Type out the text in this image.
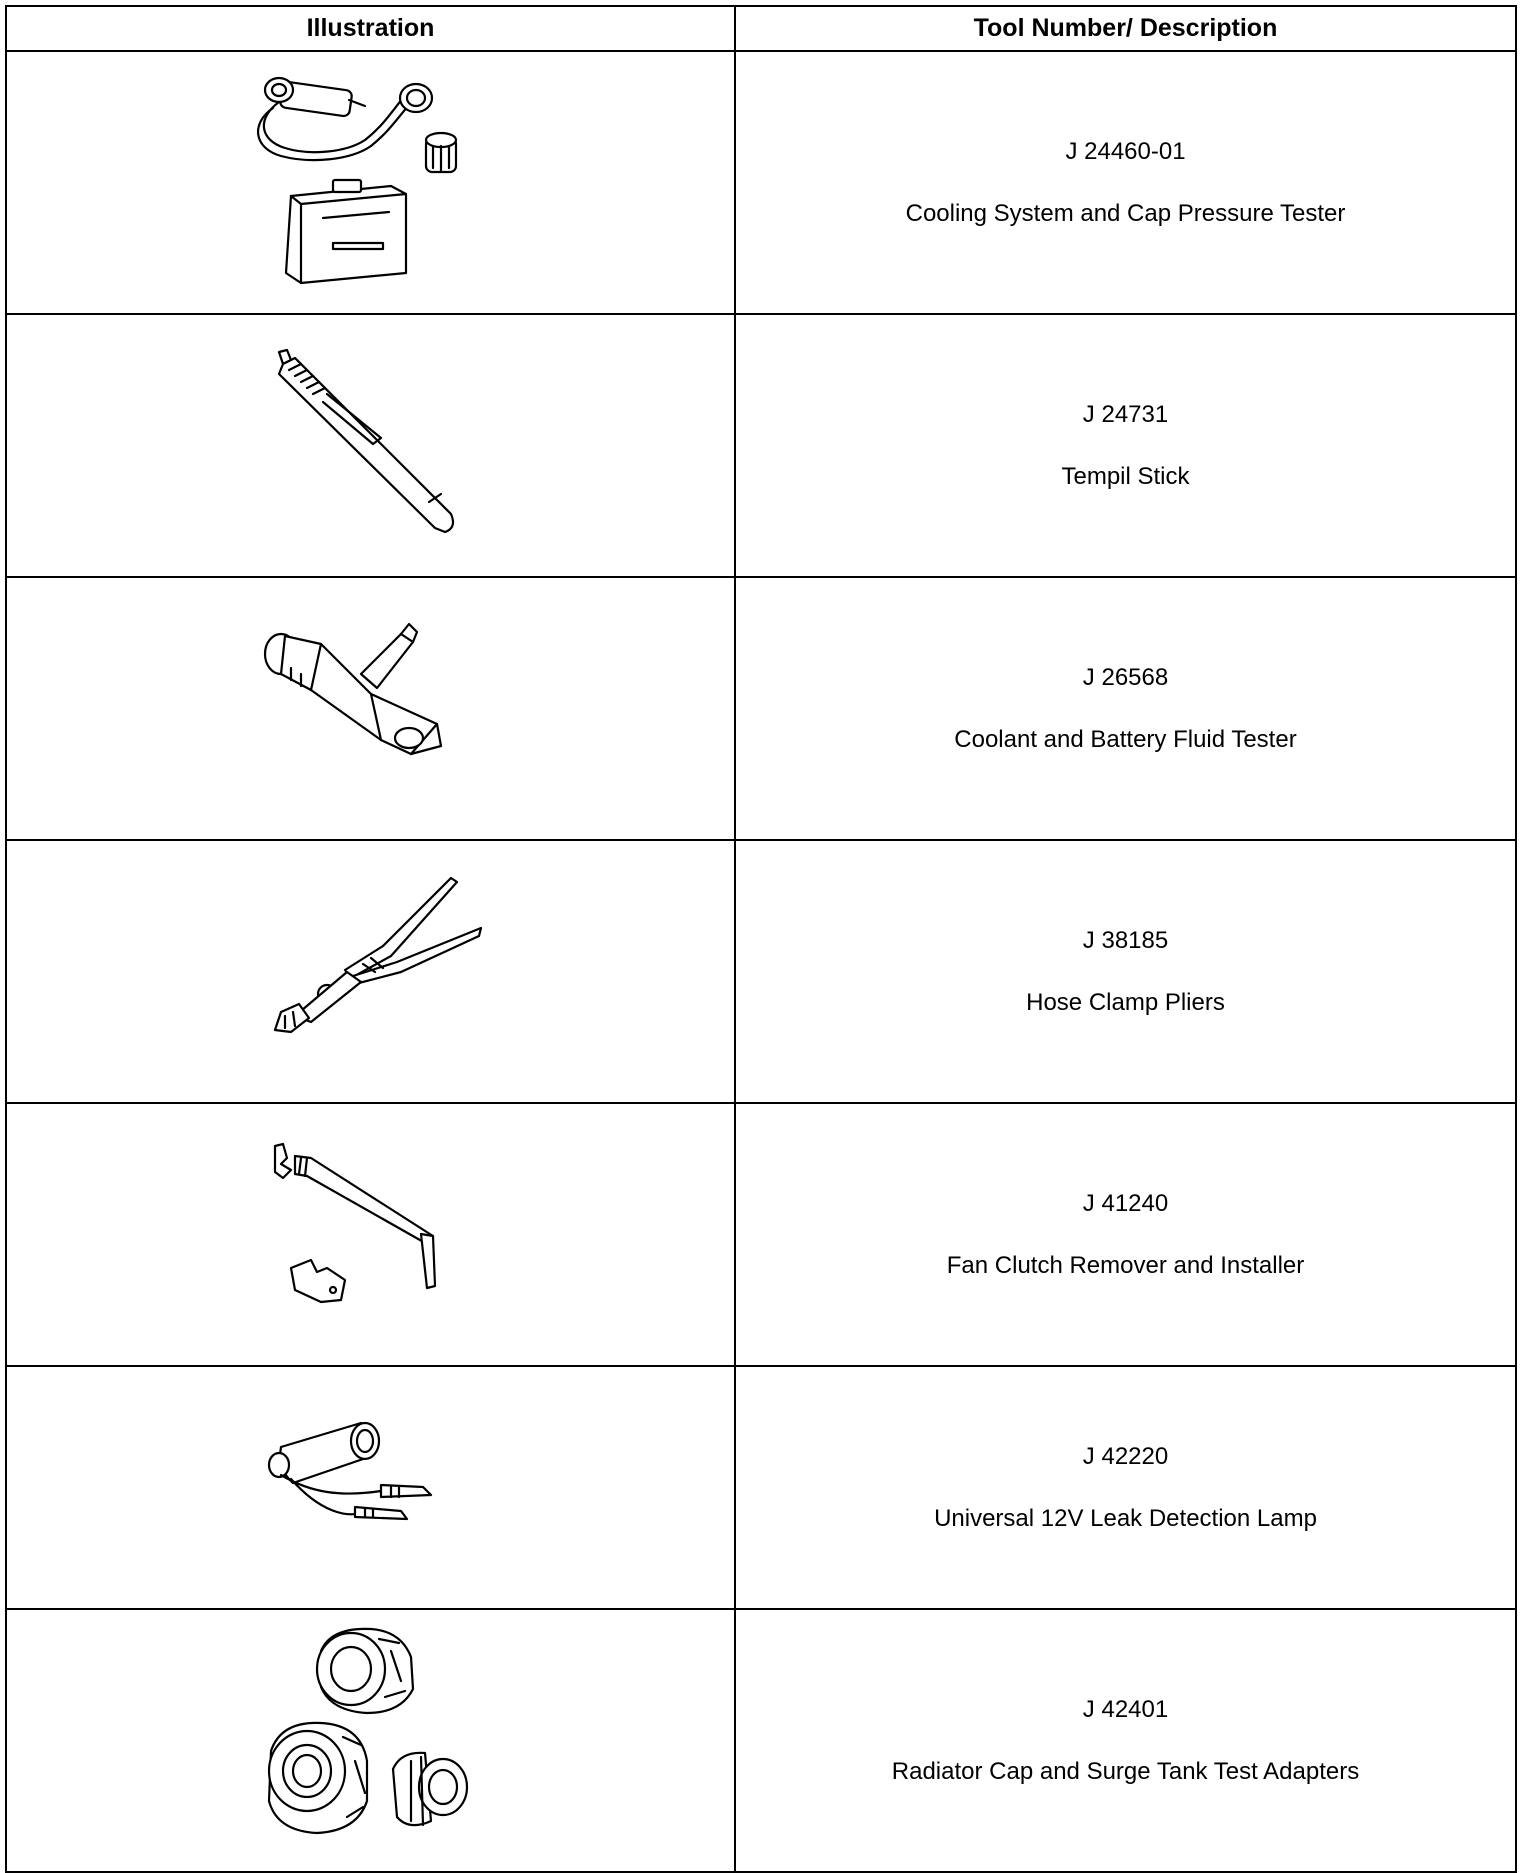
Illustration	Tool Number/ Description

J 24460-01
Cooling System and Cap Pressure Tester

J 24731
Tempil Stick

J 26568
Coolant and Battery Fluid Tester

J 38185
Hose Clamp Pliers

J 41240
Fan Clutch Remover and Installer

J 42220
Universal 12V Leak Detection Lamp

J 42401
Radiator Cap and Surge Tank Test Adapters
